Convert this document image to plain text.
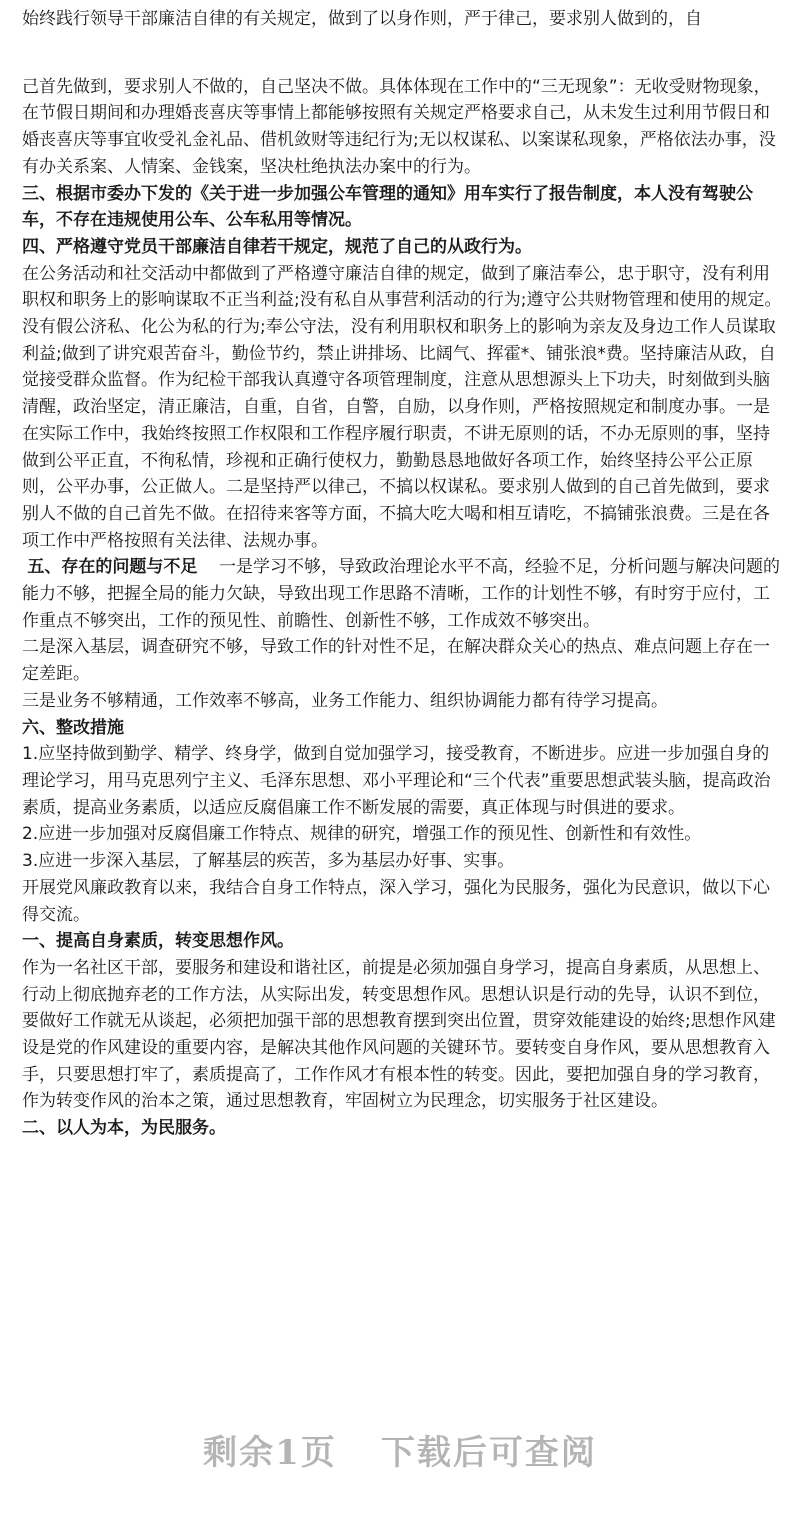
始终践行领导干部廉洁自律的有关规定，做到了以身作则，严于律己，要求别人做到的，自

己首先做到，要求别人不做的，自己坚决不做。具体体现在工作中的“三无现象”：无收受财物现象，在节假日期间和办理婚丧喜庆等事情上都能够按照有关规定严格要求自己，从未发生过利用节假日和婚丧喜庆等事宜收受礼金礼品、借机敛财等违纪行为;无以权谋私、以案谋私现象，严格依法办事，没有办关系案、人情案、金钱案，坚决杜绝执法办案中的行为。

三、根据市委办下发的《关于进一步加强公车管理的通知》用车实行了报告制度，本人没有驾驶公车，不存在违规使用公车、公车私用等情况。

四、严格遵守党员干部廉洁自律若干规定，规范了自己的从政行为。

在公务活动和社交活动中都做到了严格遵守廉洁自律的规定，做到了廉洁奉公，忠于职守，没有利用职权和职务上的影响谋取不正当利益;没有私自从事营利活动的行为;遵守公共财物管理和使用的规定。没有假公济私、化公为私的行为;奉公守法，没有利用职权和职务上的影响为亲友及身边工作人员谋取利益;做到了讲究艰苦奋斗，勤俭节约，禁止讲排场、比阔气、挥霍*、铺张浪*费。坚持廉洁从政，自觉接受群众监督。作为纪检干部我认真遵守各项管理制度，注意从思想源头上下功夫，时刻做到头脑清醒，政治坚定，清正廉洁，自重，自省，自警，自励，以身作则，严格按照规定和制度办事。一是在实际工作中，我始终按照工作权限和工作程序履行职责，不讲无原则的话，不办无原则的事，坚持做到公平正直，不徇私情，珍视和正确行使权力，勤勤恳恳地做好各项工作，始终坚持公平公正原则，公平办事，公正做人。二是坚持严以律己，不搞以权谋私。要求别人做到的自己首先做到，要求别人不做的自己首先不做。在招待来客等方面，不搞大吃大喝和相互请吃，不搞铺张浪费。三是在各项工作中严格按照有关法律、法规办事。

五、存在的问题与不足 一是学习不够，导致政治理论水平不高，经验不足，分析问题与解决问题的能力不够，把握全局的能力欠缺，导致出现工作思路不清晰，工作的计划性不够，有时穷于应付，工作重点不够突出，工作的预见性、前瞻性、创新性不够，工作成效不够突出。

二是深入基层，调查研究不够，导致工作的针对性不足，在解决群众关心的热点、难点问题上存在一定差距。

三是业务不够精通，工作效率不够高，业务工作能力、组织协调能力都有待学习提高。

六、整改措施

1.应坚持做到勤学、精学、终身学，做到自觉加强学习，接受教育，不断进步。应进一步加强自身的理论学习，用马克思列宁主义、毛泽东思想、邓小平理论和“三个代表”重要思想武装头脑，提高政治素质，提高业务素质，以适应反腐倡廉工作不断发展的需要，真正体现与时俱进的要求。

2.应进一步加强对反腐倡廉工作特点、规律的研究，增强工作的预见性、创新性和有效性。

3.应进一步深入基层，了解基层的疾苦，多为基层办好事、实事。

开展党风廉政教育以来，我结合自身工作特点，深入学习，强化为民服务，强化为民意识，做以下心得交流。

一、提高自身素质，转变思想作风。

作为一名社区干部，要服务和建设和谐社区，前提是必须加强自身学习，提高自身素质，从思想上、行动上彻底抛弃老的工作方法，从实际出发，转变思想作风。思想认识是行动的先导，认识不到位，要做好工作就无从谈起，必须把加强干部的思想教育摆到突出位置，贯穿效能建设的始终;思想作风建设是党的作风建设的重要内容，是解决其他作风问题的关键环节。要转变自身作风，要从思想教育入手，只要思想打牢了，素质提高了，工作作风才有根本性的转变。因此，要把加强自身的学习教育，作为转变作风的治本之策，通过思想教育，牢固树立为民理念，切实服务于社区建设。

二、以人为本，为民服务。

剩余1页 下载后可查阅
